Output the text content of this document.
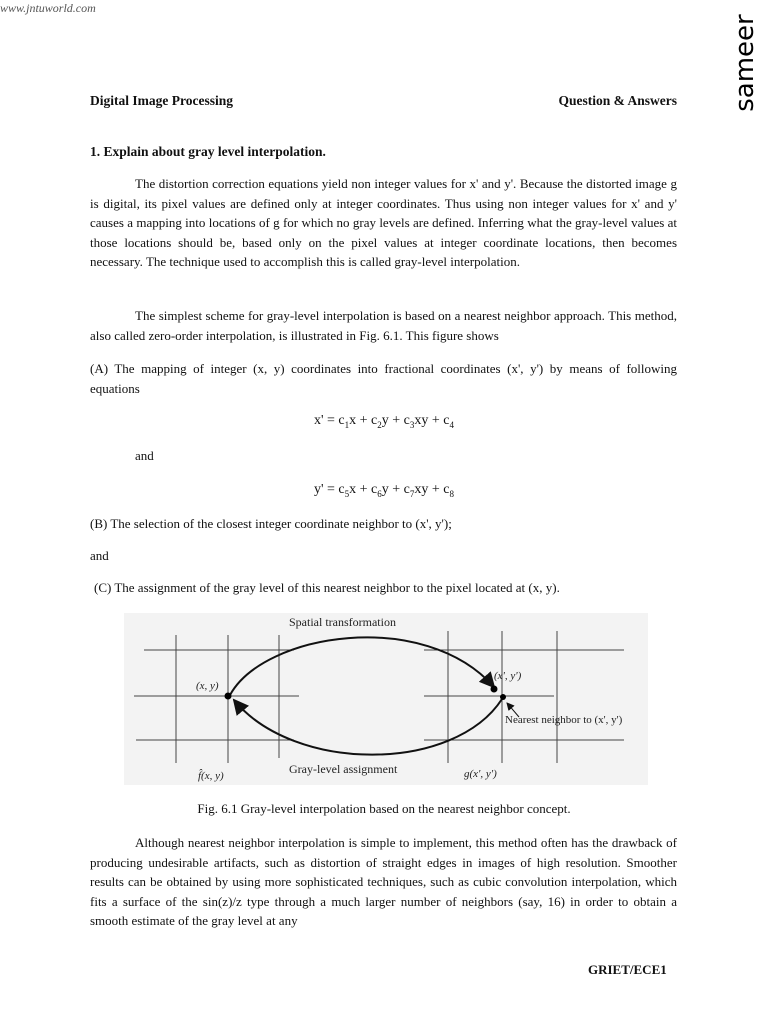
www.jntuworld.com
sameer
Digital Image Processing	Question & Answers
1. Explain about gray level interpolation.

The distortion correction equations yield non integer values for x' and y'. Because the distorted image g is digital, its pixel values are defined only at integer coordinates. Thus using non integer values for x' and y' causes a mapping into locations of g for which no gray levels are defined. Inferring what the gray-level values at those locations should be, based only on the pixel values at integer coordinate locations, then becomes necessary. The technique used to accomplish this is called gray-level interpolation.

The simplest scheme for gray-level interpolation is based on a nearest neighbor approach. This method, also called zero-order interpolation, is illustrated in Fig. 6.1. This figure shows

(A) The mapping of integer (x, y) coordinates into fractional coordinates (x', y') by means of following equations

$x' = c_1x + c_2y + c_3xy + c_4$

and

$y' = c_5x + c_6y + c_7xy + c_8$

(B) The selection of the closest integer coordinate neighbor to (x', y');

and

(C) The assignment of the gray level of this nearest neighbor to the pixel located at (x, y).

Spatial transformation
Gray-level assignment
(x, y)
(x', y')
Nearest neighbor to (x', y')
f̂(x, y)	g(x', y')
Fig. 6.1 Gray-level interpolation based on the nearest neighbor concept.

Although nearest neighbor interpolation is simple to implement, this method often has the drawback of producing undesirable artifacts, such as distortion of straight edges in images of high resolution. Smoother results can be obtained by using more sophisticated techniques, such as cubic convolution interpolation, which fits a surface of the sin(z)/z type through a much larger number of neighbors (say, 16) in order to obtain a smooth estimate of the gray level at any

GRIET/ECE1
